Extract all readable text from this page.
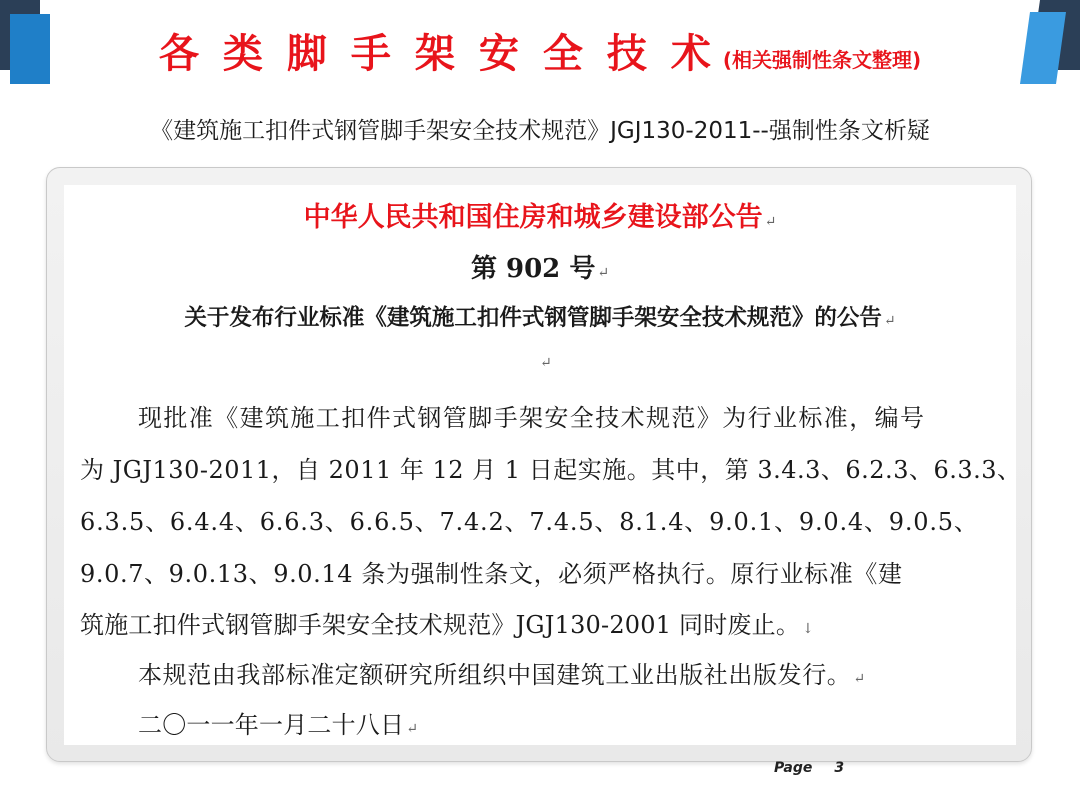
各类脚手架安全技术(相关强制性条文整理)
《建筑施工扣件式钢管脚手架安全技术规范》JGJ130-2011--强制性条文析疑
中华人民共和国住房和城乡建设部公告 ↵
第 902 号 ↵
关于发布行业标准《建筑施工扣件式钢管脚手架安全技术规范》的公告 ↵
↵
现批准《建筑施工扣件式钢管脚手架安全技术规范》为行业标准，编号
为 JGJ130-2011，自 2011 年 12 月 1 日起实施。其中，第 3.4.3、6.2.3、6.3.3、
6.3.5、6.4.4、6.6.3、6.6.5、7.4.2、7.4.5、8.1.4、9.0.1、9.0.4、9.0.5、
9.0.7、9.0.13、9.0.14 条为强制性条文，必须严格执行。原行业标准《建
筑施工扣件式钢管脚手架安全技术规范》JGJ130-2001 同时废止。 ↓
本规范由我部标准定额研究所组织中国建筑工业出版社出版发行。 ↵
二〇一一年一月二十八日 ↵
Page 3
